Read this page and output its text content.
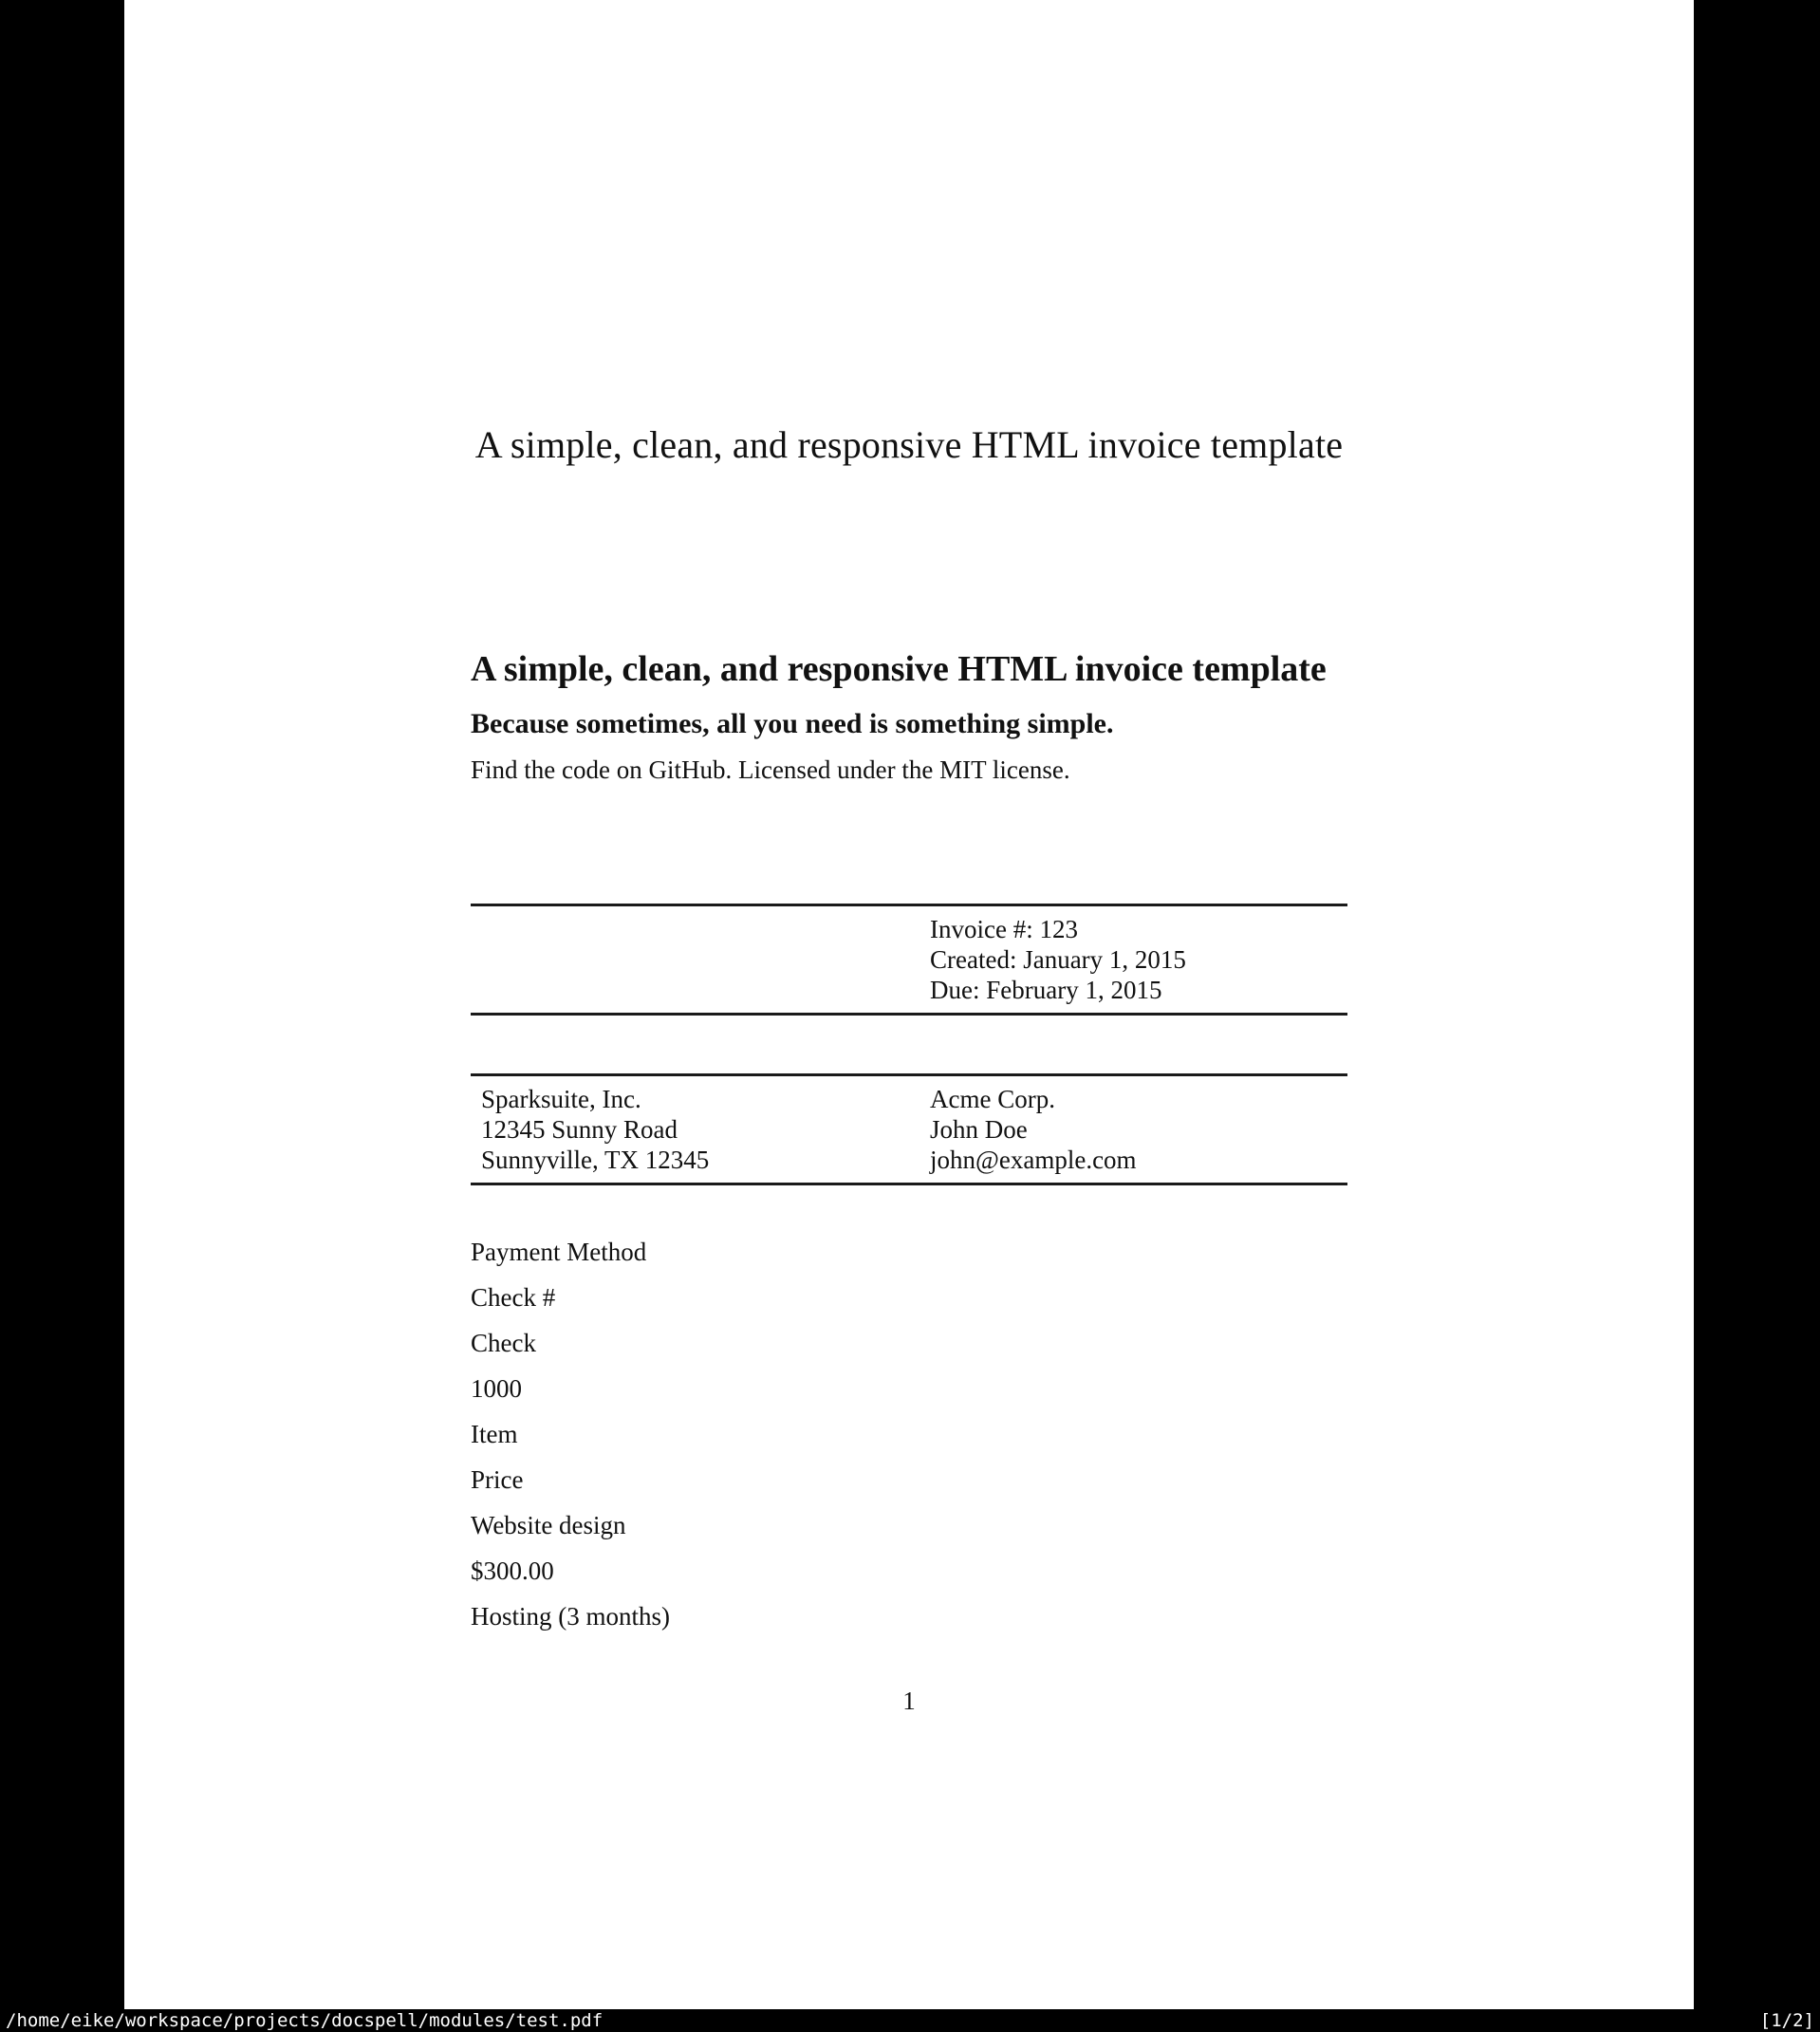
A simple, clean, and responsive HTML invoice template
A simple, clean, and responsive HTML invoice template
Because sometimes, all you need is something simple.
Find the code on GitHub. Licensed under the MIT license.
Invoice #: 123
Created: January 1, 2015
Due: February 1, 2015
Sparksuite, Inc.
12345 Sunny Road
Sunnyville, TX 12345
Acme Corp.
John Doe
john@example.com

Payment Method

Check #

Check

1000

Item

Price

Website design

$300.00

Hosting (3 months)

1
/home/eike/workspace/projects/docspell/modules/test.pdf	[1/2]
